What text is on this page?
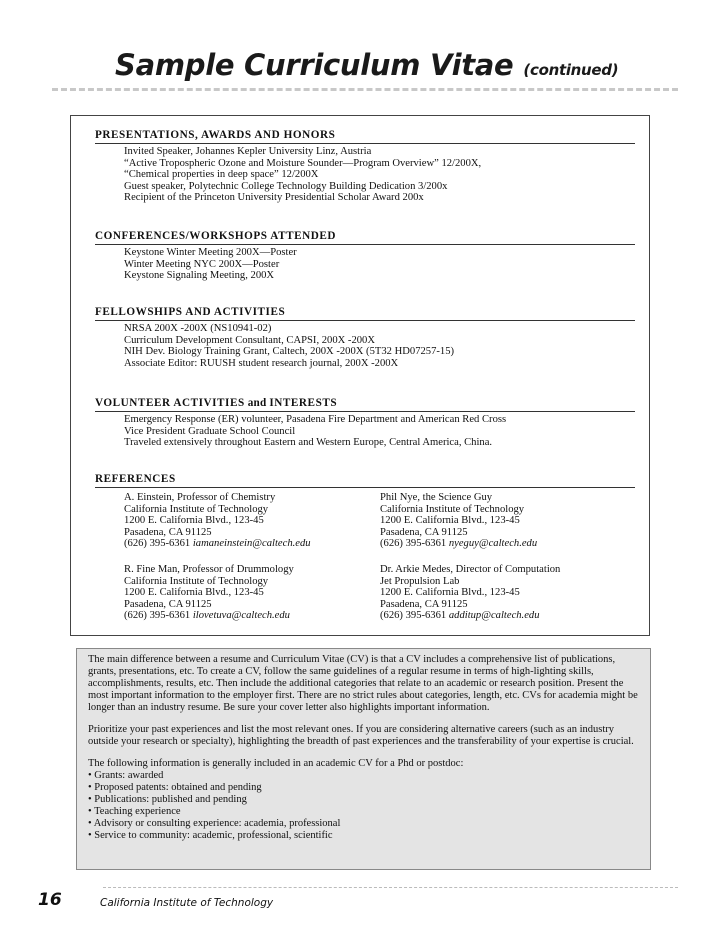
Sample Curriculum Vitae (continued)
PRESENTATIONS, AWARDS AND HONORS
Invited Speaker, Johannes Kepler University Linz, Austria
“Active Tropospheric Ozone and Moisture Sounder—Program Overview” 12/200X,
“Chemical properties in deep space” 12/200X
Guest speaker, Polytechnic College Technology Building Dedication 3/200x
Recipient of the Princeton University Presidential Scholar Award 200x
CONFERENCES/WORKSHOPS ATTENDED
Keystone Winter Meeting 200X—Poster
Winter Meeting NYC 200X—Poster
Keystone Signaling Meeting, 200X
FELLOWSHIPS AND ACTIVITIES
NRSA 200X -200X (NS10941-02)
Curriculum Development Consultant, CAPSI, 200X -200X
NIH Dev. Biology Training Grant, Caltech, 200X -200X (5T32 HD07257-15)
Associate Editor: RUUSH student research journal, 200X -200X
VOLUNTEER ACTIVITIES and INTERESTS
Emergency Response (ER) volunteer, Pasadena Fire Department and American Red Cross
Vice President Graduate School Council
Traveled extensively throughout Eastern and Western Europe, Central America, China.
REFERENCES
A. Einstein, Professor of Chemistry
California Institute of Technology
1200 E. California Blvd., 123-45
Pasadena, CA 91125
(626) 395-6361 iamaneinstein@caltech.edu
Phil Nye, the Science Guy
California Institute of Technology
1200 E. California Blvd., 123-45
Pasadena, CA 91125
(626) 395-6361 nyeguy@caltech.edu
R. Fine Man, Professor of Drummology
California Institute of Technology
1200 E. California Blvd., 123-45
Pasadena, CA 91125
(626) 395-6361 ilovetuva@caltech.edu
Dr. Arkie Medes, Director of Computation
Jet Propulsion Lab
1200 E. California Blvd., 123-45
Pasadena, CA 91125
(626) 395-6361 additup@caltech.edu

The main difference between a resume and Curriculum Vitae (CV) is that a CV includes a comprehensive list of publications, grants, presentations, etc. To create a CV, follow the same guidelines of a regular resume in terms of high-lighting skills, accomplishments, results, etc. Then include the additional categories that relate to an academic or research position. Present the most important information to the employer first. There are no strict rules about categories, length, etc. CVs for academia might be longer than an industry resume. Be sure your cover letter also highlights important information.

Prioritize your past experiences and list the most relevant ones. If you are considering alternative careers (such as an industry outside your research or specialty), highlighting the breadth of past experiences and the transferability of your expertise is crucial.

The following information is generally included in an academic CV for a Phd or postdoc:
• Grants: awarded
• Proposed patents: obtained and pending
• Publications: published and pending
• Teaching experience
• Advisory or consulting experience: academia, professional
• Service to community: academic, professional, scientific
16	California Institute of Technology
